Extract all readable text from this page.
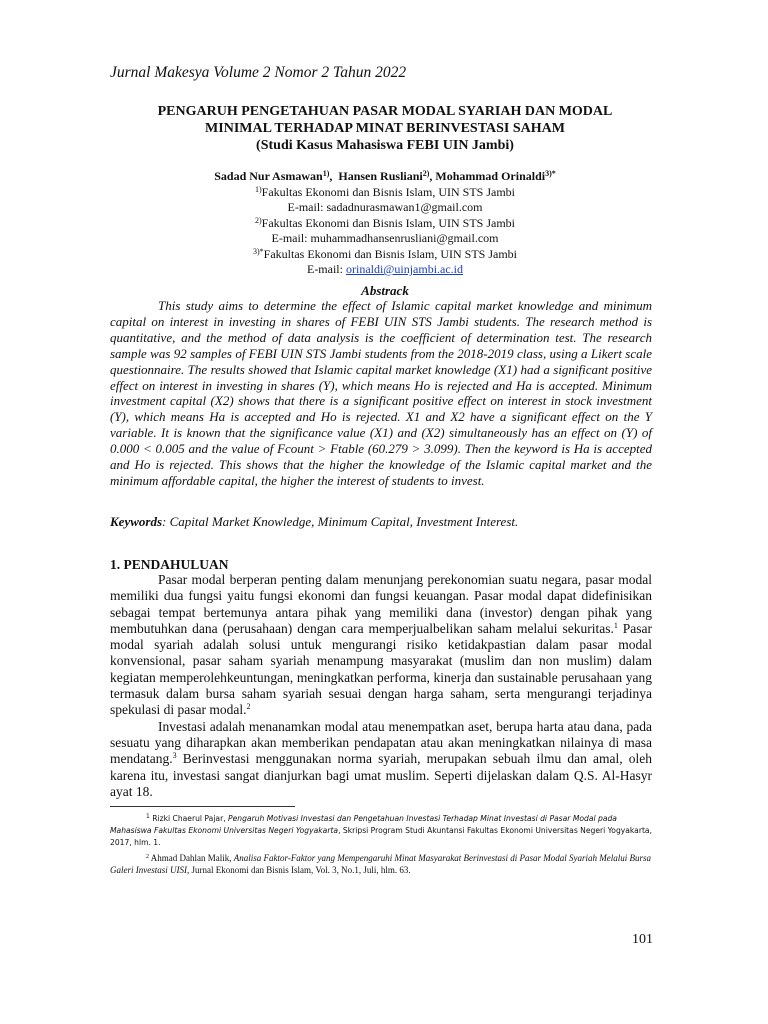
Jurnal Makesya Volume 2 Nomor 2 Tahun 2022
PENGARUH PENGETAHUAN PASAR MODAL SYARIAH DAN MODAL
MINIMAL TERHADAP MINAT BERINVESTASI SAHAM
(Studi Kasus Mahasiswa FEBI UIN Jambi)
Sadad Nur Asmawan$^{1)}$,  Hansen Rusliani$^{2)}$, Mohammad Orinaldi$^{3)*}$
$^{1)}$Fakultas Ekonomi dan Bisnis Islam, UIN STS Jambi
E-mail: sadadnurasmawan1@gmail.com
$^{2)}$Fakultas Ekonomi dan Bisnis Islam, UIN STS Jambi
E-mail: muhammadhansenrusliani@gmail.com
$^{3)*}$Fakultas Ekonomi dan Bisnis Islam, UIN STS Jambi
E-mail: orinaldi@uinjambi.ac.id
Abstrack

This study aims to determine the effect of Islamic capital market knowledge and minimum capital on interest in investing in shares of FEBI UIN STS Jambi students. The research method is quantitative, and the method of data analysis is the coefficient of determination test. The research sample was 92 samples of FEBI UIN STS Jambi students from the 2018-2019 class, using a Likert scale questionnaire. The results showed that Islamic capital market knowledge (X1) had a significant positive effect on interest in investing in shares (Y), which means Ho is rejected and Ha is accepted. Minimum investment capital (X2) shows that there is a significant positive effect on interest in stock investment (Y), which means Ha is accepted and Ho is rejected. X1 and X2 have a significant effect on the Y variable. It is known that the significance value (X1) and (X2) simultaneously has an effect on (Y) of 0.000 < 0.005 and the value of Fcount > Ftable (60.279 > 3.099). Then the keyword is Ha is accepted and Ho is rejected. This shows that the higher the knowledge of the Islamic capital market and the minimum affordable capital, the higher the interest of students to invest.

Keywords: Capital Market Knowledge, Minimum Capital, Investment Interest.
1. PENDAHULUAN

Pasar modal berperan penting dalam menunjang perekonomian suatu negara, pasar modal memiliki dua fungsi yaitu fungsi ekonomi dan fungsi keuangan. Pasar modal dapat didefinisikan sebagai tempat bertemunya antara pihak yang memiliki dana (investor) dengan pihak yang membutuhkan dana (perusahaan) dengan cara memperjualbelikan saham melalui sekuritas.$^1$ Pasar modal syariah adalah solusi untuk mengurangi risiko ketidakpastian dalam pasar modal konvensional, pasar saham syariah menampung masyarakat (muslim dan non muslim) dalam kegiatan memperolehkeuntungan, meningkatkan performa, kinerja dan sustainable perusahaan yang termasuk dalam bursa saham syariah sesuai dengan harga saham, serta mengurangi terjadinya spekulasi di pasar modal.$^2$

Investasi adalah menanamkan modal atau menempatkan aset, berupa harta atau dana, pada sesuatu yang diharapkan akan memberikan pendapatan atau akan meningkatkan nilainya di masa mendatang.$^3$ Berinvestasi menggunakan norma syariah, merupakan sebuah ilmu dan amal, oleh karena itu, investasi sangat dianjurkan bagi umat muslim. Seperti dijelaskan dalam Q.S. Al-Hasyr ayat 18.

$^1$ Rizki Chaerul Pajar, Pengaruh Motivasi Investasi dan Pengetahuan Investasi Terhadap Minat Investasi di Pasar Modal pada Mahasiswa Fakultas Ekonomi Universitas Negeri Yogyakarta, Skripsi Program Studi Akuntansi Fakultas Ekonomi Universitas Negeri Yogyakarta, 2017, hlm. 1.

$^2$ Ahmad Dahlan Malik, Analisa Faktor-Faktor yang Mempengaruhi Minat Masyarakat Berinvestasi di Pasar Modal Syariah Melalui Bursa Galeri Investasi UISI, Jurnal Ekonomi dan Bisnis Islam, Vol. 3, No.1, Juli, hlm. 63.

101
